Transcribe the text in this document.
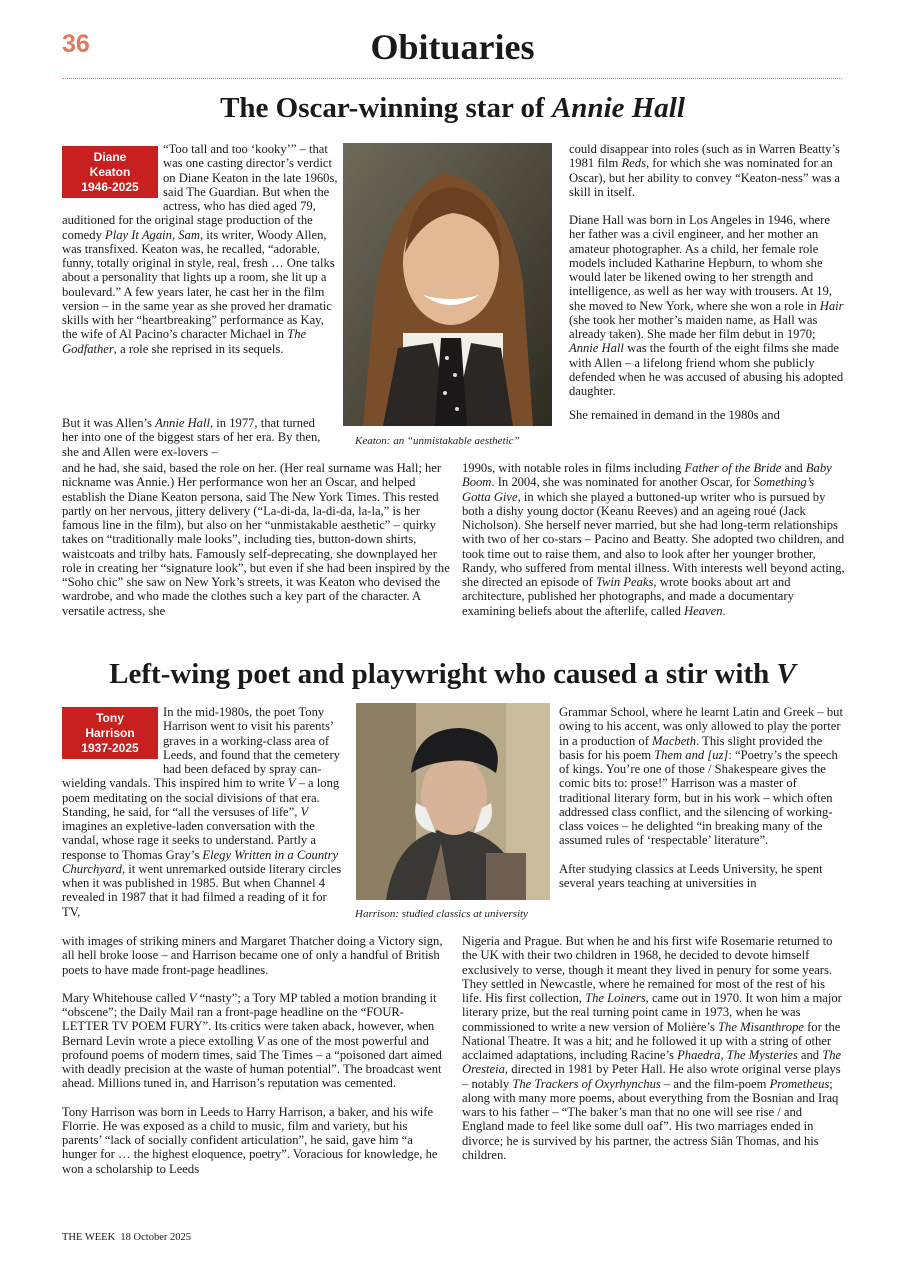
36	Obituaries
The Oscar-winning star of Annie Hall
Diane
Keaton
1946-2025

“Too tall and too ‘kooky’” – that was one casting director’s verdict on Diane Keaton in the late 1960s, said The Guardian. But when the actress, who has died aged 79, auditioned for the original stage production of the comedy Play It Again, Sam, its writer, Woody Allen, was transfixed. Keaton was, he recalled, “adorable, funny, totally original in style, real, fresh … One talks about a personality that lights up a room, she lit up a boulevard.” A few years later, he cast her in the film version – in the same year as she proved her dramatic skills with her “heartbreaking” performance as Kay, the wife of Al Pacino’s character Michael in The Godfather, a role she reprised in its sequels.

But it was Allen’s Annie Hall, in 1977, that turned her into one of the biggest stars of her era. By then, she and Allen were ex-lovers –

Keaton: an “unmistakable aesthetic”

could disappear into roles (such as in Warren Beatty’s 1981 film Reds, for which she was nominated for an Oscar), but her ability to convey “Keaton-ness” was a skill in itself.

Diane Hall was born in Los Angeles in 1946, where her father was a civil engineer, and her mother an amateur photographer. As a child, her female role models included Katharine Hepburn, to whom she would later be likened owing to her strength and intelligence, as well as her way with trousers. At 19, she moved to New York, where she won a role in Hair (she took her mother’s maiden name, as Hall was already taken). She made her film debut in 1970; Annie Hall was the fourth of the eight films she made with Allen – a lifelong friend whom she publicly defended when he was accused of abusing his adopted daughter.

She remained in demand in the 1980s and

and he had, she said, based the role on her. (Her real surname was Hall; her nickname was Annie.) Her performance won her an Oscar, and helped establish the Diane Keaton persona, said The New York Times. This rested partly on her nervous, jittery delivery (“La-di-da, la-di-da, la-la,” is her famous line in the film), but also on her “unmistakable aesthetic” – quirky takes on “traditionally male looks”, including ties, button-down shirts, waistcoats and trilby hats. Famously self-deprecating, she downplayed her role in creating her “signature look”, but even if she had been inspired by the “Soho chic” she saw on New York’s streets, it was Keaton who devised the wardrobe, and who made the clothes such a key part of the character. A versatile actress, she

1990s, with notable roles in films including Father of the Bride and Baby Boom. In 2004, she was nominated for another Oscar, for Something’s Gotta Give, in which she played a buttoned-up writer who is pursued by both a dishy young doctor (Keanu Reeves) and an ageing roué (Jack Nicholson). She herself never married, but she had long-term relationships with two of her co-stars – Pacino and Beatty. She adopted two children, and took time out to raise them, and also to look after her younger brother, Randy, who suffered from mental illness. With interests well beyond acting, she directed an episode of Twin Peaks, wrote books about art and architecture, published her photographs, and made a documentary examining beliefs about the afterlife, called Heaven.

Left-wing poet and playwright who caused a stir with V
Tony
Harrison
1937-2025

In the mid-1980s, the poet Tony Harrison went to visit his parents’ graves in a working-class area of Leeds, and found that the cemetery had been defaced by spray can-wielding vandals. This inspired him to write V – a long poem meditating on the social divisions of that era. Standing, he said, for “all the versuses of life”, V imagines an expletive-laden conversation with the vandal, whose rage it seeks to understand. Partly a response to Thomas Gray’s Elegy Written in a Country Churchyard, it went unremarked outside literary circles when it was published in 1985. But when Channel 4 revealed in 1987 that it had filmed a reading of it for TV,	Harrison: studied classics at university

Grammar School, where he learnt Latin and Greek – but owing to his accent, was only allowed to play the porter in a production of Macbeth. This slight provided the basis for his poem Them and [uz]: “Poetry’s the speech of kings. You’re one of those / Shakespeare gives the comic bits to: prose!” Harrison was a master of traditional literary form, but in his work – which often addressed class conflict, and the silencing of working-class voices – he delighted “in breaking many of the assumed rules of ‘respectable’ literature”.

After studying classics at Leeds University, he spent several years teaching at universities in

with images of striking miners and Margaret Thatcher doing a Victory sign, all hell broke loose – and Harrison became one of only a handful of British poets to have made front-page headlines.

Mary Whitehouse called V “nasty”; a Tory MP tabled a motion branding it “obscene”; the Daily Mail ran a front-page headline on the “FOUR-LETTER TV POEM FURY”. Its critics were taken aback, however, when Bernard Levin wrote a piece extolling V as one of the most powerful and profound poems of modern times, said The Times – a “poisoned dart aimed with deadly precision at the waste of human potential”. The broadcast went ahead. Millions tuned in, and Harrison’s reputation was cemented.

Tony Harrison was born in Leeds to Harry Harrison, a baker, and his wife Florrie. He was exposed as a child to music, film and variety, but his parents’ “lack of socially confident articulation”, he said, gave him “a hunger for … the highest eloquence, poetry”. Voracious for knowledge, he won a scholarship to Leeds

Nigeria and Prague. But when he and his first wife Rosemarie returned to the UK with their two children in 1968, he decided to devote himself exclusively to verse, though it meant they lived in penury for some years. They settled in Newcastle, where he remained for most of the rest of his life. His first collection, The Loiners, came out in 1970. It won him a major literary prize, but the real turning point came in 1973, when he was commissioned to write a new version of Molière’s The Misanthrope for the National Theatre. It was a hit; and he followed it up with a string of other acclaimed adaptations, including Racine’s Phaedra, The Mysteries and The Oresteia, directed in 1981 by Peter Hall. He also wrote original verse plays – notably The Trackers of Oxyrhynchus – and the film-poem Prometheus; along with many more poems, about everything from the Bosnian and Iraq wars to his father – “The baker’s man that no one will see rise / and England made to feel like some dull oaf”. His two marriages ended in divorce; he is survived by his partner, the actress Siân Thomas, and his children.

THE WEEK 18 October 2025
